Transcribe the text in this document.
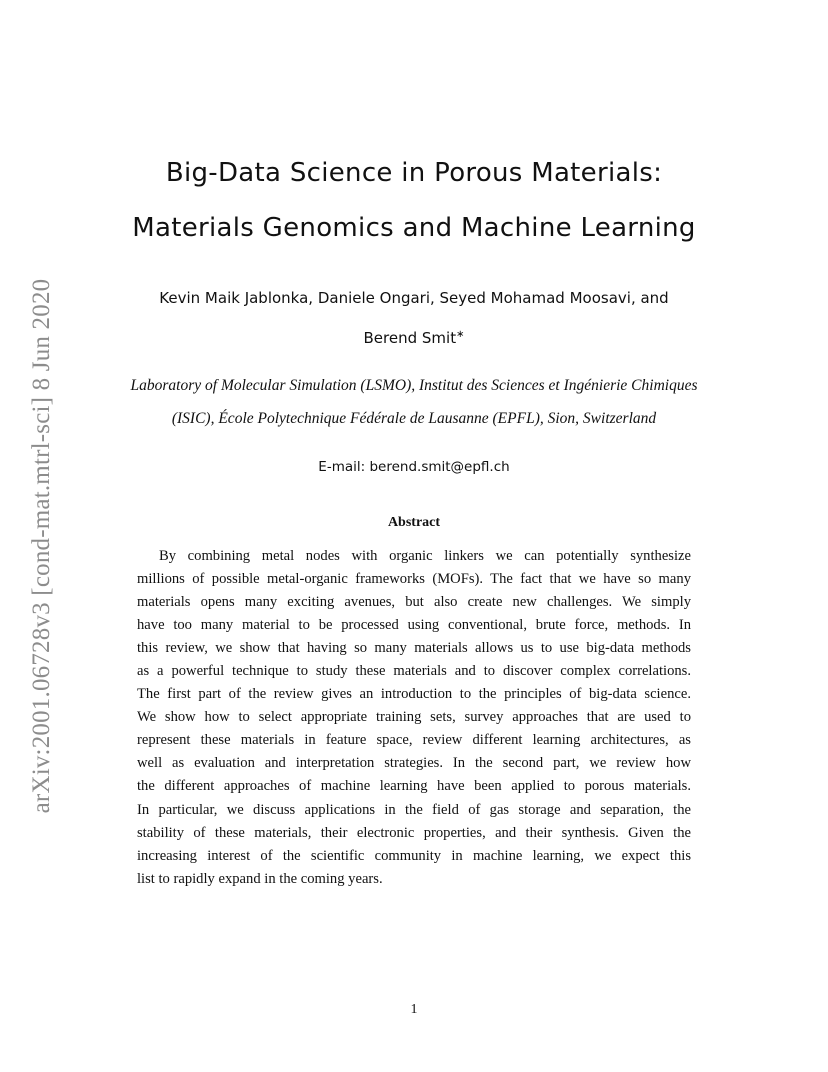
arXiv:2001.06728v3 [cond-mat.mtrl-sci] 8 Jun 2020
Big-Data Science in Porous Materials:
Materials Genomics and Machine Learning
Kevin Maik Jablonka, Daniele Ongari, Seyed Mohamad Moosavi, and
Berend Smit∗
Laboratory of Molecular Simulation (LSMO), Institut des Sciences et Ingénierie Chimiques
(ISIC), École Polytechnique Fédérale de Lausanne (EPFL), Sion, Switzerland
E-mail: berend.smit@epfl.ch
Abstract
By combining metal nodes with organic linkers we can potentially synthesize
millions of possible metal-organic frameworks (MOFs). The fact that we have so many
materials opens many exciting avenues, but also create new challenges. We simply
have too many material to be processed using conventional, brute force, methods. In
this review, we show that having so many materials allows us to use big-data methods
as a powerful technique to study these materials and to discover complex correlations.
The first part of the review gives an introduction to the principles of big-data science.
We show how to select appropriate training sets, survey approaches that are used to
represent these materials in feature space, review different learning architectures, as
well as evaluation and interpretation strategies. In the second part, we review how
the different approaches of machine learning have been applied to porous materials.
In particular, we discuss applications in the field of gas storage and separation, the
stability of these materials, their electronic properties, and their synthesis. Given the
increasing interest of the scientific community in machine learning, we expect this
list to rapidly expand in the coming years.
1
